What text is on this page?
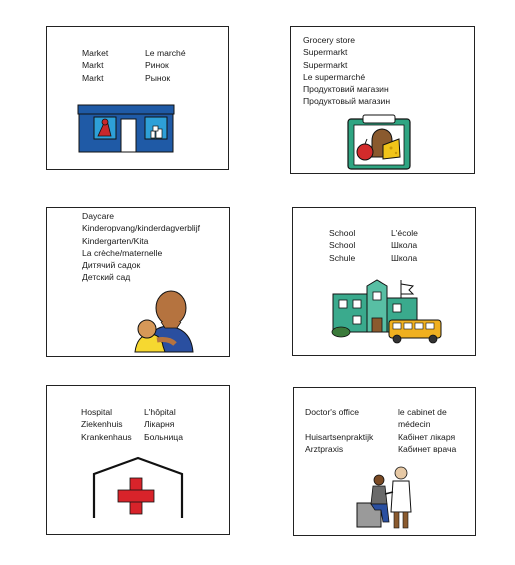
Market
Markt
Markt
Le marché
Ринок
Рынок
Grocery store
Supermarkt
Supermarkt
Le supermarché
Продуктовий магазин
Продуктовый магазин
Daycare
Kinderopvang/kinderdagverblijf
Kindergarten/Kita
La crèche/maternelle
Дитячий садок
Детский сад
School
School
Schule
L'école
Школа
Школа
Hospital
Ziekenhuis
Krankenhaus
L'hôpital
Лікарня
Больница
Doctor's office

Huisartsenpraktijk
Arztpraxis
le cabinet de
médecin
Кабінет лікаря
Кабинет врача
